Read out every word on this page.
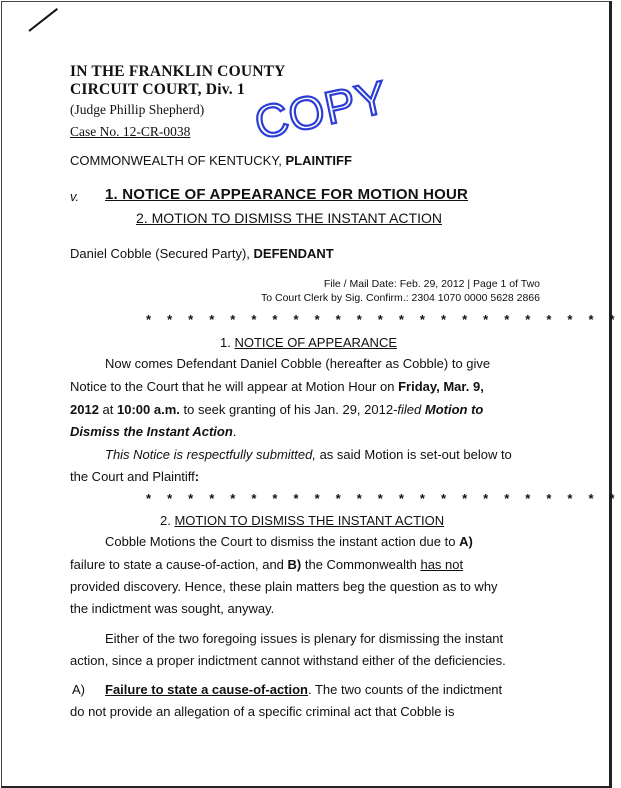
IN THE FRANKLIN COUNTY
CIRCUIT COURT, Div. 1
(Judge Phillip Shepherd)
Case No. 12-CR-0038 COPY
COMMONWEALTH OF KENTUCKY, PLAINTIFF
v. 1. NOTICE OF APPEARANCE FOR MOTION HOUR
2. MOTION TO DISMISS THE INSTANT ACTION
Daniel Cobble (Secured Party), DEFENDANT
File / Mail Date: Feb. 29, 2012 | Page 1 of Two
To Court Clerk by Sig. Confirm.: 2304 1070 0000 5628 2866
* * * * * * * * * * * * * * * * * * * * * * *
1. NOTICE OF APPEARANCE
Now comes Defendant Daniel Cobble (hereafter as Cobble) to give
Notice to the Court that he will appear at Motion Hour on Friday, Mar. 9,
2012 at 10:00 a.m. to seek granting of his Jan. 29, 2012-filed Motion to
Dismiss the Instant Action.
This Notice is respectfully submitted, as said Motion is set-out below to
the Court and Plaintiff:
* * * * * * * * * * * * * * * * * * * * * * *
2. MOTION TO DISMISS THE INSTANT ACTION
Cobble Motions the Court to dismiss the instant action due to A)
failure to state a cause-of-action, and B) the Commonwealth has not
provided discovery. Hence, these plain matters beg the question as to why
the indictment was sought, anyway.
Either of the two foregoing issues is plenary for dismissing the instant
action, since a proper indictment cannot withstand either of the deficiencies.
A) Failure to state a cause-of-action. The two counts of the indictment
do not provide an allegation of a specific criminal act that Cobble is
